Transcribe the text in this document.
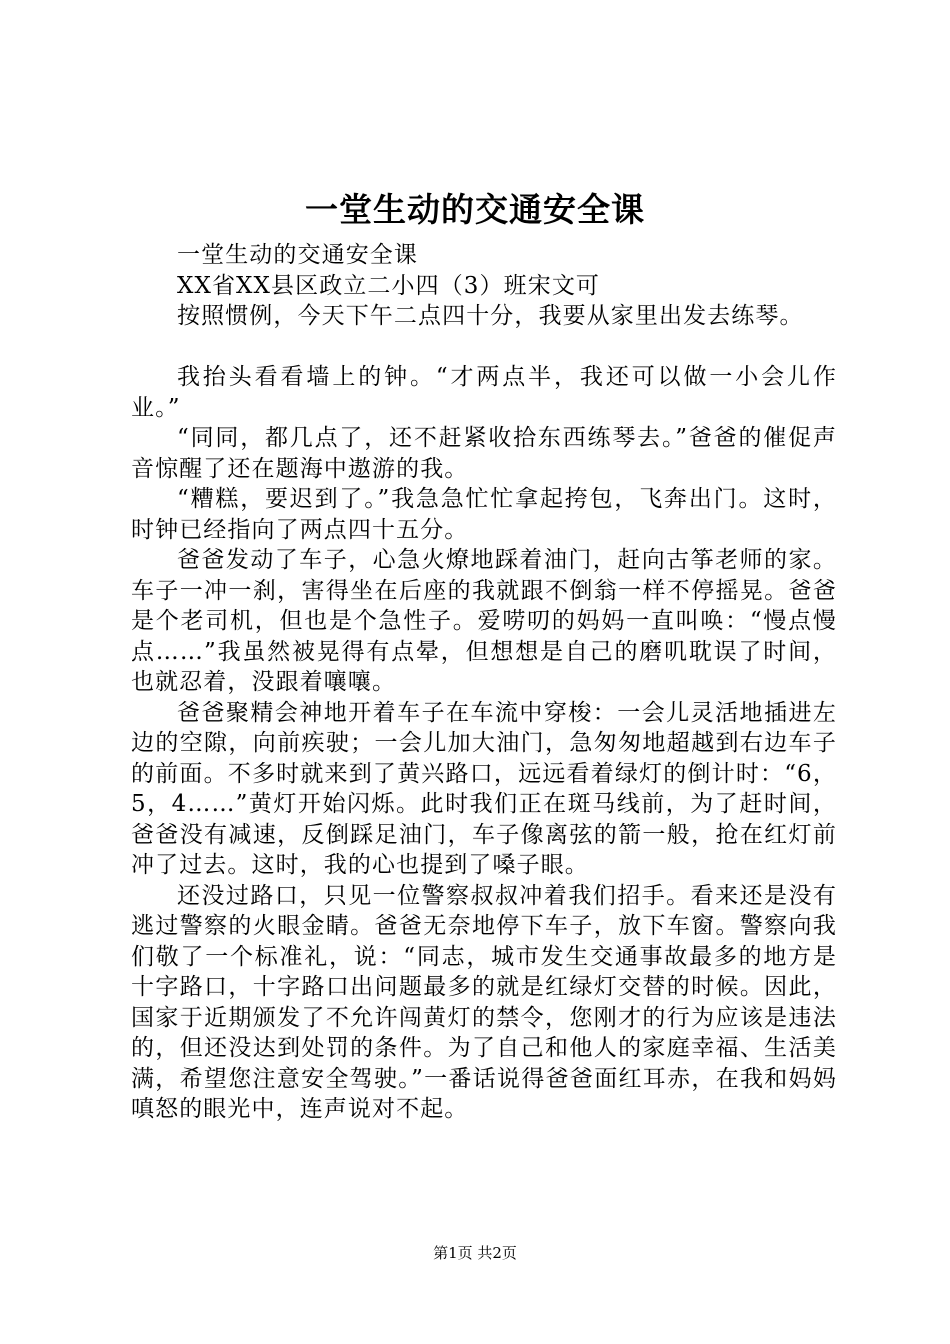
一堂生动的交通安全课

一堂生动的交通安全课

XX省XX县区政立二小四（3）班宋文可

按照惯例，今天下午二点四十分，我要从家里出发去练琴。

我抬头看看墙上的钟。“才两点半，我还可以做一小会儿作业。”

“同同，都几点了，还不赶紧收拾东西练琴去。”爸爸的催促声音惊醒了还在题海中遨游的我。

“糟糕，要迟到了。”我急急忙忙拿起挎包，飞奔出门。这时，时钟已经指向了两点四十五分。

爸爸发动了车子，心急火燎地踩着油门，赶向古筝老师的家。车子一冲一刹，害得坐在后座的我就跟不倒翁一样不停摇晃。爸爸是个老司机，但也是个急性子。爱唠叨的妈妈一直叫唤：“慢点慢点……”我虽然被晃得有点晕，但想想是自己的磨叽耽误了时间，也就忍着，没跟着嚷嚷。

爸爸聚精会神地开着车子在车流中穿梭：一会儿灵活地插进左边的空隙，向前疾驶；一会儿加大油门，急匆匆地超越到右边车子的前面。不多时就来到了黄兴路口，远远看着绿灯的倒计时：“6，5，4……”黄灯开始闪烁。此时我们正在斑马线前，为了赶时间，爸爸没有减速，反倒踩足油门，车子像离弦的箭一般，抢在红灯前冲了过去。这时，我的心也提到了嗓子眼。

还没过路口，只见一位警察叔叔冲着我们招手。看来还是没有逃过警察的火眼金睛。爸爸无奈地停下车子，放下车窗。警察向我们敬了一个标准礼，说：“同志，城市发生交通事故最多的地方是十字路口，十字路口出问题最多的就是红绿灯交替的时候。因此，国家于近期颁发了不允许闯黄灯的禁令，您刚才的行为应该是违法的，但还没达到处罚的条件。为了自己和他人的家庭幸福、生活美满，希望您注意安全驾驶。”一番话说得爸爸面红耳赤，在我和妈妈嗔怒的眼光中，连声说对不起。

第1页 共2页
